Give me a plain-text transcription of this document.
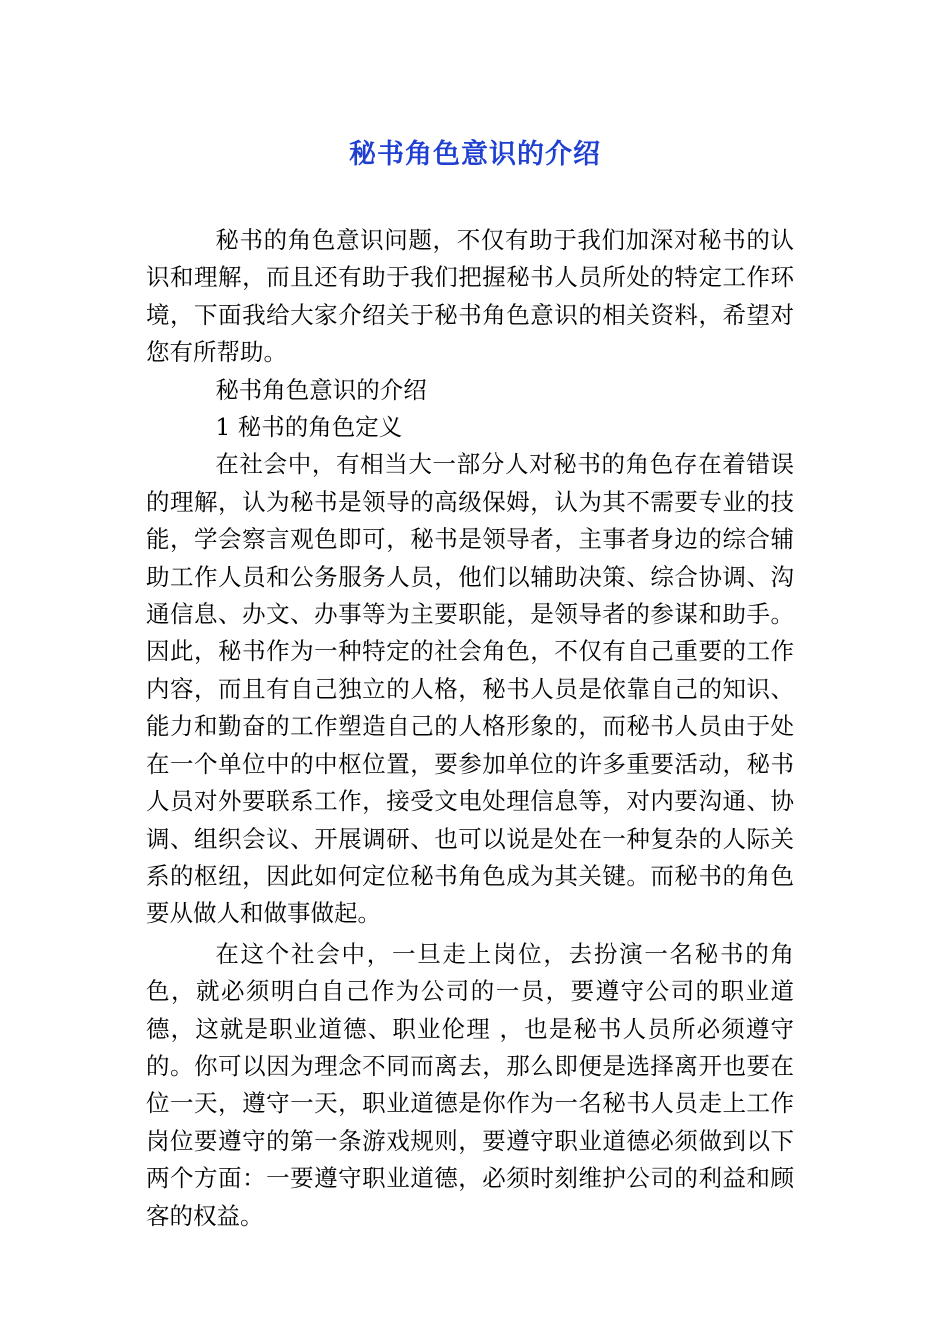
秘书角色意识的介绍

秘书的角色意识问题，不仅有助于我们加深对秘书的认识和理解，而且还有助于我们把握秘书人员所处的特定工作环境，下面我给大家介绍关于秘书角色意识的相关资料，希望对您有所帮助。

秘书角色意识的介绍

1 秘书的角色定义

在社会中，有相当大一部分人对秘书的角色存在着错误的理解，认为秘书是领导的高级保姆，认为其不需要专业的技能，学会察言观色即可，秘书是领导者，主事者身边的综合辅助工作人员和公务服务人员，他们以辅助决策、综合协调、沟通信息、办文、办事等为主要职能，是领导者的参谋和助手。因此，秘书作为一种特定的社会角色，不仅有自己重要的工作内容，而且有自己独立的人格，秘书人员是依靠自己的知识、能力和勤奋的工作塑造自己的人格形象的，而秘书人员由于处在一个单位中的中枢位置，要参加单位的许多重要活动，秘书人员对外要联系工作，接受文电处理信息等，对内要沟通、协调、组织会议、开展调研、也可以说是处在一种复杂的人际关系的枢纽，因此如何定位秘书角色成为其关键。而秘书的角色要从做人和做事做起。

在这个社会中，一旦走上岗位，去扮演一名秘书的角色，就必须明白自己作为公司的一员，要遵守公司的职业道德，这就是职业道德、职业伦理 ，也是秘书人员所必须遵守的。你可以因为理念不同而离去，那么即便是选择离开也要在位一天，遵守一天，职业道德是你作为一名秘书人员走上工作岗位要遵守的第一条游戏规则，要遵守职业道德必须做到以下两个方面：一要遵守职业道德，必须时刻维护公司的利益和顾客的权益。
